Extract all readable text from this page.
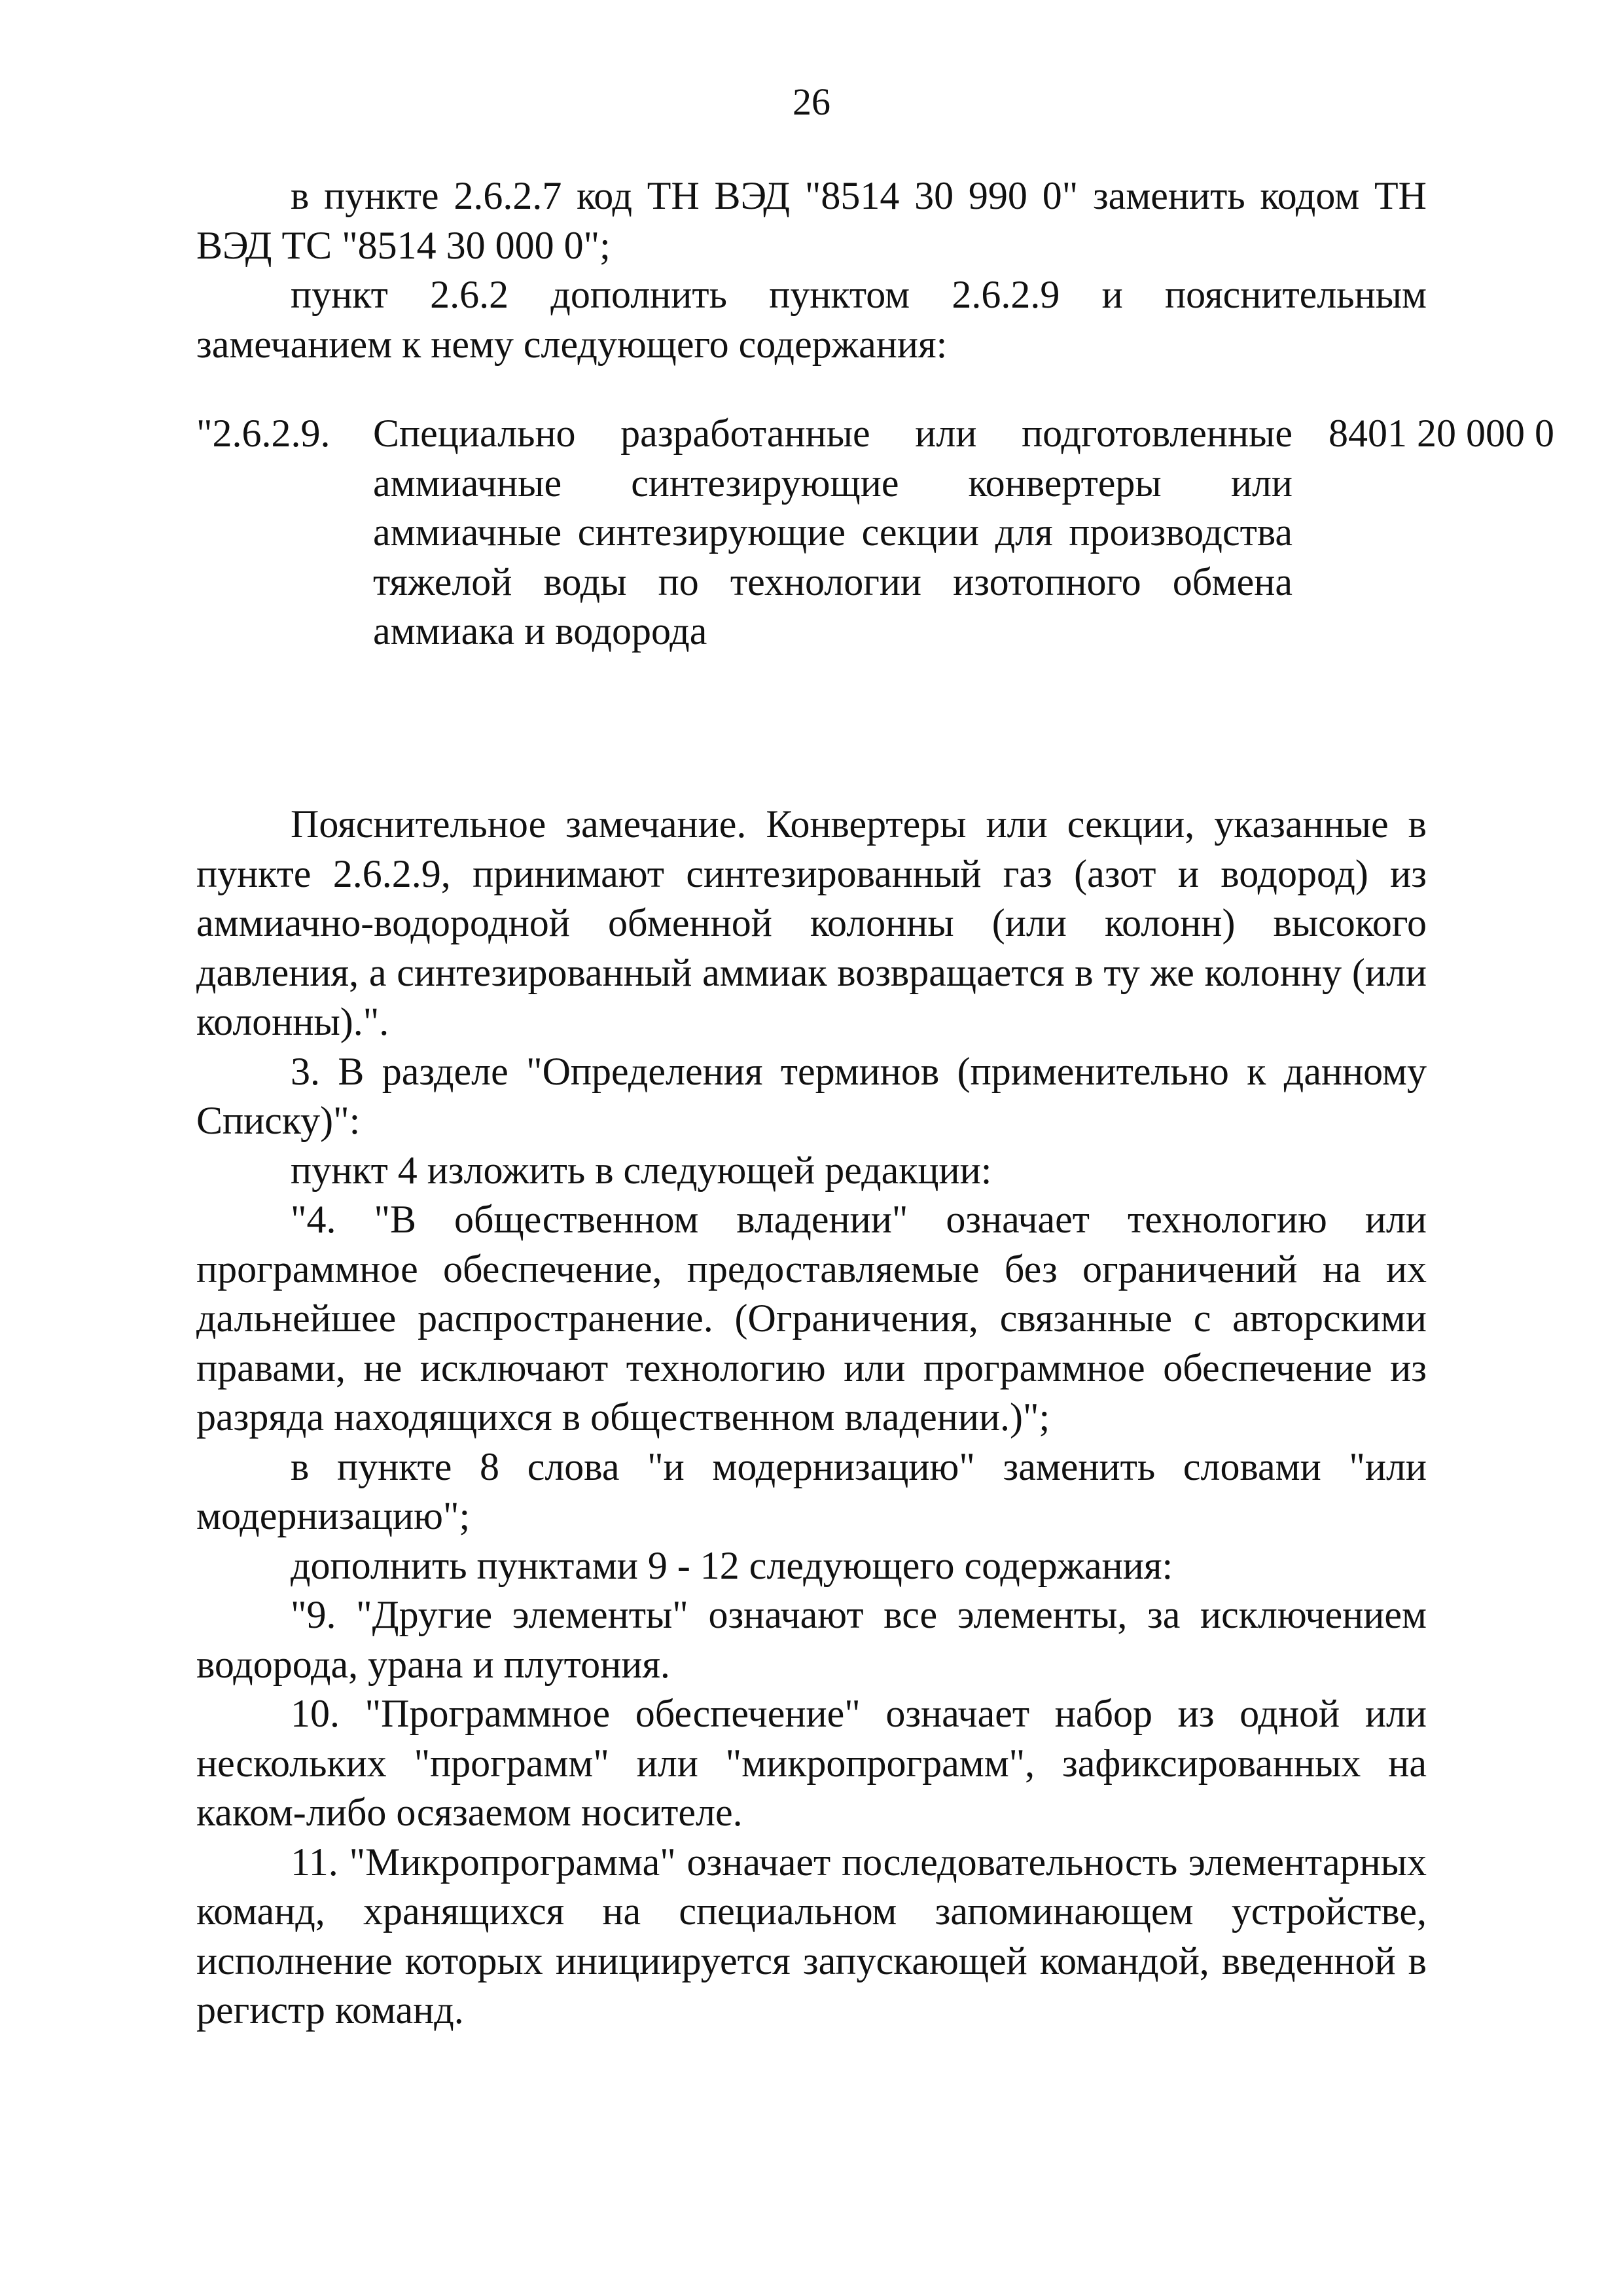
26

в пункте 2.6.2.7 код ТН ВЭД "8514 30 990 0" заменить кодом ТН ВЭД ТС "8514 30 000 0";

пункт 2.6.2 дополнить пунктом 2.6.2.9 и пояснительным замечанием к нему следующего содержания:

"2.6.2.9. Специально разработанные или подготовленные аммиачные синтезирующие конвертеры или аммиачные синтезирующие секции для производства тяжелой воды по технологии изотопного обмена аммиака и водорода
8401 20 000 0

Пояснительное замечание. Конвертеры или секции, указанные в пункте 2.6.2.9, принимают синтезированный газ (азот и водород) из аммиачно-водородной обменной колонны (или колонн) высокого давления, а синтезированный аммиак возвращается в ту же колонну (или колонны).".

3. В разделе "Определения терминов (применительно к данному Списку)":

пункт 4 изложить в следующей редакции:

"4. "В общественном владении" означает технологию или программное обеспечение, предоставляемые без ограничений на их дальнейшее распространение. (Ограничения, связанные с авторскими правами, не исключают технологию или программное обеспечение из разряда находящихся в общественном владении.)";

в пункте 8 слова "и модернизацию" заменить словами "или модернизацию";

дополнить пунктами 9 - 12 следующего содержания:

"9. "Другие элементы" означают все элементы, за исключением водорода, урана и плутония.

10. "Программное обеспечение" означает набор из одной или нескольких "программ" или "микропрограмм", зафиксированных на каком-либо осязаемом носителе.

11. "Микропрограмма" означает последовательность элементарных команд, хранящихся на специальном запоминающем устройстве, исполнение которых инициируется запускающей командой, введенной в регистр команд.
